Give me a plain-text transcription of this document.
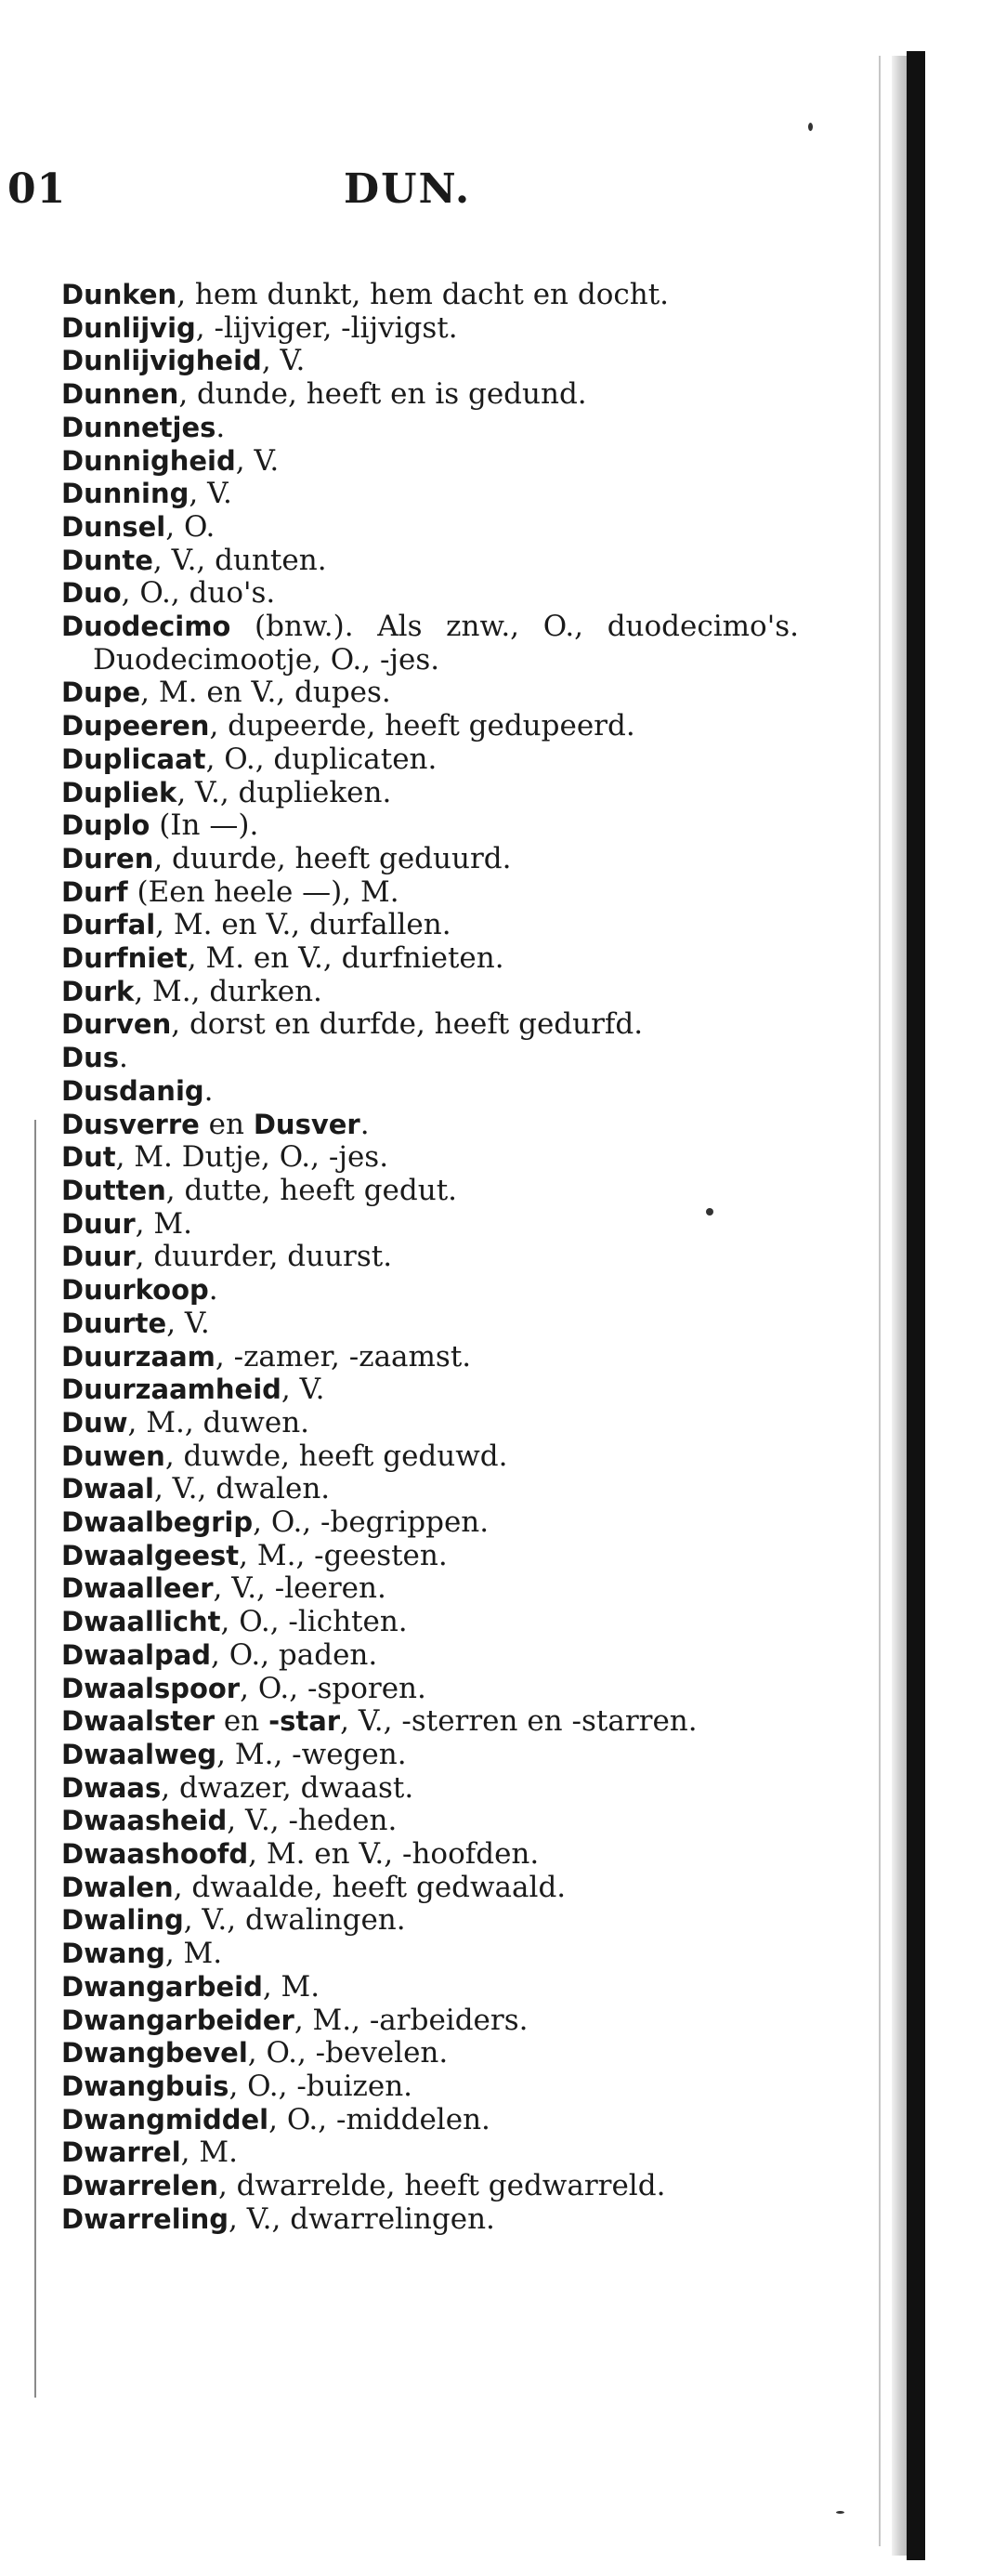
01	DUN.
Dunken, hem dunkt, hem dacht en docht.
Dunlijvig, -lijviger, -lijvigst.
Dunlijvigheid, V.
Dunnen, dunde, heeft en is gedund.
Dunnetjes.
Dunnigheid, V.
Dunning, V.
Dunsel, O.
Dunte, V., dunten.
Duo, O., duo's.
Duodecimo (bnw.). Als znw., O., duodecimo's. Duodecimootje, O., -jes.
Dupe, M. en V., dupes.
Dupeeren, dupeerde, heeft gedupeerd.
Duplicaat, O., duplicaten.
Dupliek, V., duplieken.
Duplo (In —).
Duren, duurde, heeft geduurd.
Durf (Een heele —), M.
Durfal, M. en V., durfallen.
Durfniet, M. en V., durfnieten.
Durk, M., durken.
Durven, dorst en durfde, heeft gedurfd.
Dus.
Dusdanig.
Dusverre en Dusver.
Dut, M. Dutje, O., -jes.
Dutten, dutte, heeft gedut.
Duur, M.
Duur, duurder, duurst.
Duurkoop.
Duurte, V.
Duurzaam, -zamer, -zaamst.
Duurzaamheid, V.
Duw, M., duwen.
Duwen, duwde, heeft geduwd.
Dwaal, V., dwalen.
Dwaalbegrip, O., -begrippen.
Dwaalgeest, M., -geesten.
Dwaalleer, V., -leeren.
Dwaallicht, O., -lichten.
Dwaalpad, O., paden.
Dwaalspoor, O., -sporen.
Dwaalster en -star, V., -sterren en -starren.
Dwaalweg, M., -wegen.
Dwaas, dwazer, dwaast.
Dwaasheid, V., -heden.
Dwaashoofd, M. en V., -hoofden.
Dwalen, dwaalde, heeft gedwaald.
Dwaling, V., dwalingen.
Dwang, M.
Dwangarbeid, M.
Dwangarbeider, M., -arbeiders.
Dwangbevel, O., -bevelen.
Dwangbuis, O., -buizen.
Dwangmiddel, O., -middelen.
Dwarrel, M.
Dwarrelen, dwarrelde, heeft gedwarreld.
Dwarreling, V., dwarrelingen.
